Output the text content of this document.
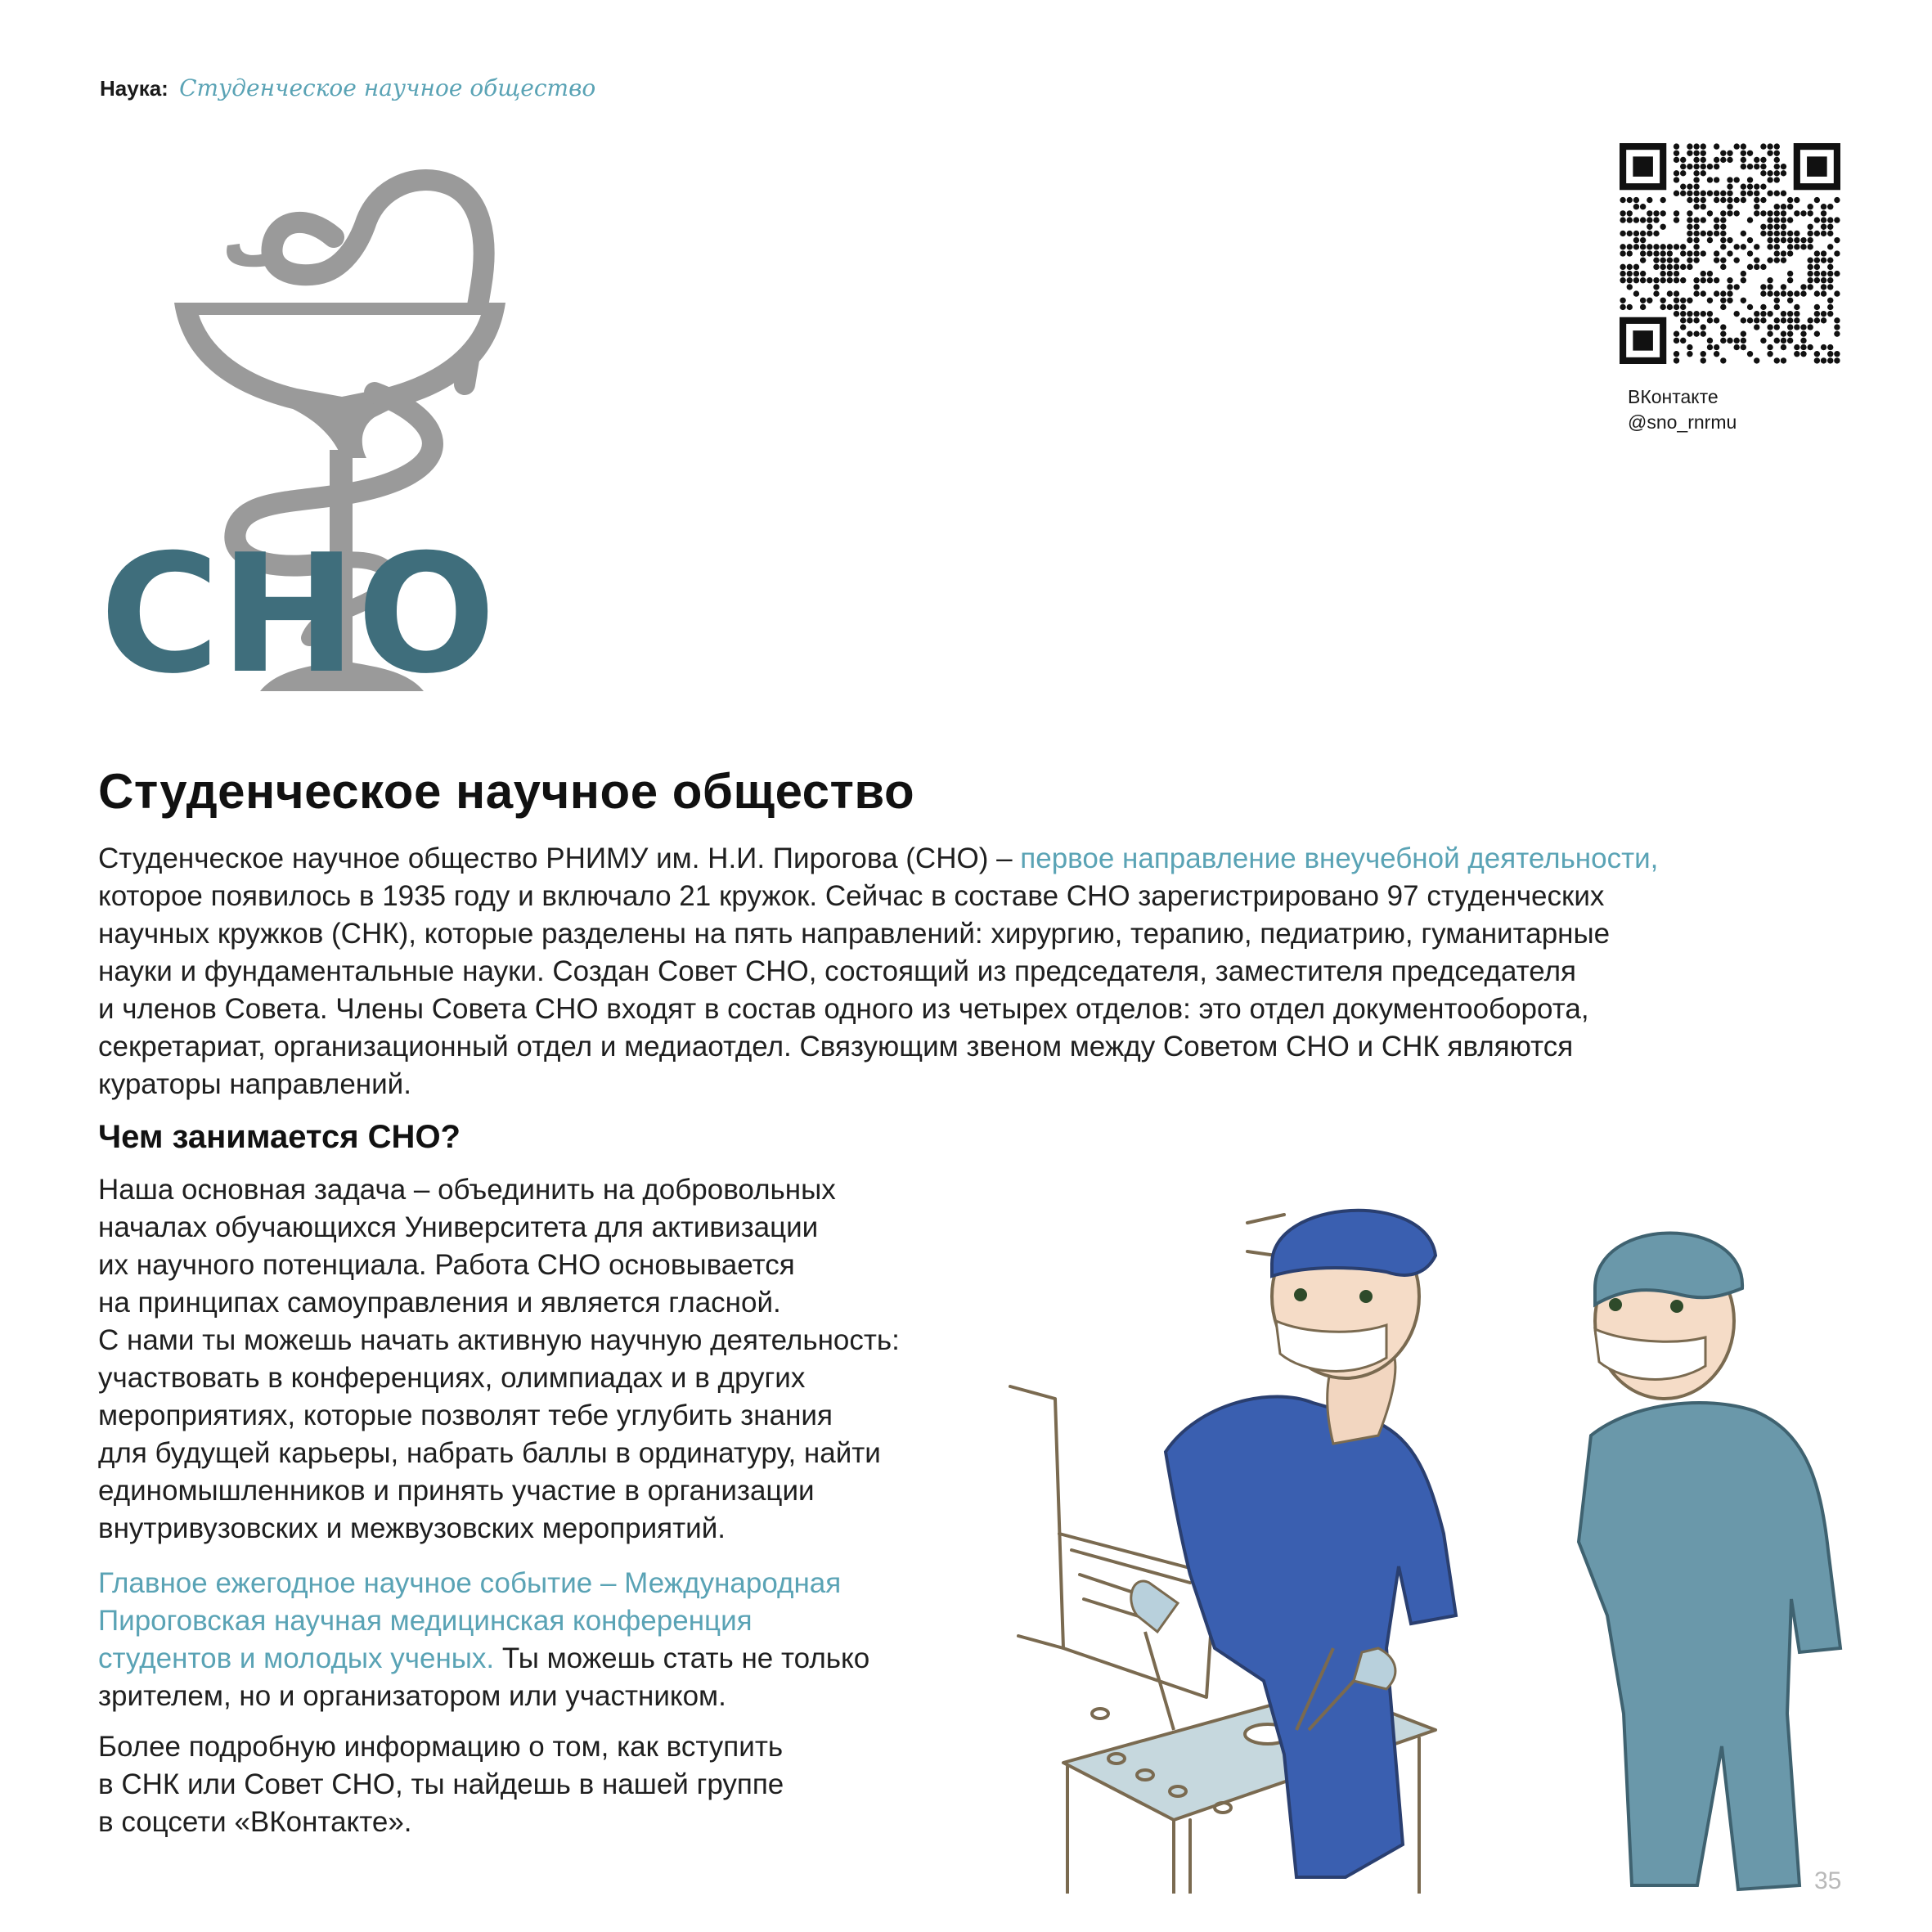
Наука: Студенческое научное общество
СНО
ВКонтакте
@sno_rnrmu
Студенческое научное общество
Студенческое научное общество РНИМУ им. Н.И. Пирогова (СНО) – первое направление внеучебной деятельности,
которое появилось в 1935 году и включало 21 кружок. Сейчас в составе СНО зарегистрировано 97 студенческих
научных кружков (СНК), которые разделены на пять направлений: хирургию, терапию, педиатрию, гуманитарные
науки и фундаментальные науки. Создан Совет СНО, состоящий из председателя, заместителя председателя
и членов Совета. Члены Совета СНО входят в состав одного из четырех отделов: это отдел документооборота,
секретариат, организационный отдел и медиаотдел. Связующим звеном между Советом СНО и СНК являются
кураторы направлений.
Чем занимается СНО?
Наша основная задача – объединить на добровольных
началах обучающихся Университета для активизации
их научного потенциала. Работа СНО основывается
на принципах самоуправления и является гласной.
С нами ты можешь начать активную научную деятельность:
участвовать в конференциях, олимпиадах и в других
мероприятиях, которые позволят тебе углубить знания
для будущей карьеры, набрать баллы в ординатуру, найти
единомышленников и принять участие в организации
внутривузовских и межвузовских мероприятий.
Главное ежегодное научное событие – Международная
Пироговская научная медицинская конференция
студентов и молодых ученых. Ты можешь стать не только
зрителем, но и организатором или участником.
Более подробную информацию о том, как вступить
в СНК или Совет СНО, ты найдешь в нашей группе
в соцсети «ВКонтакте».
35
